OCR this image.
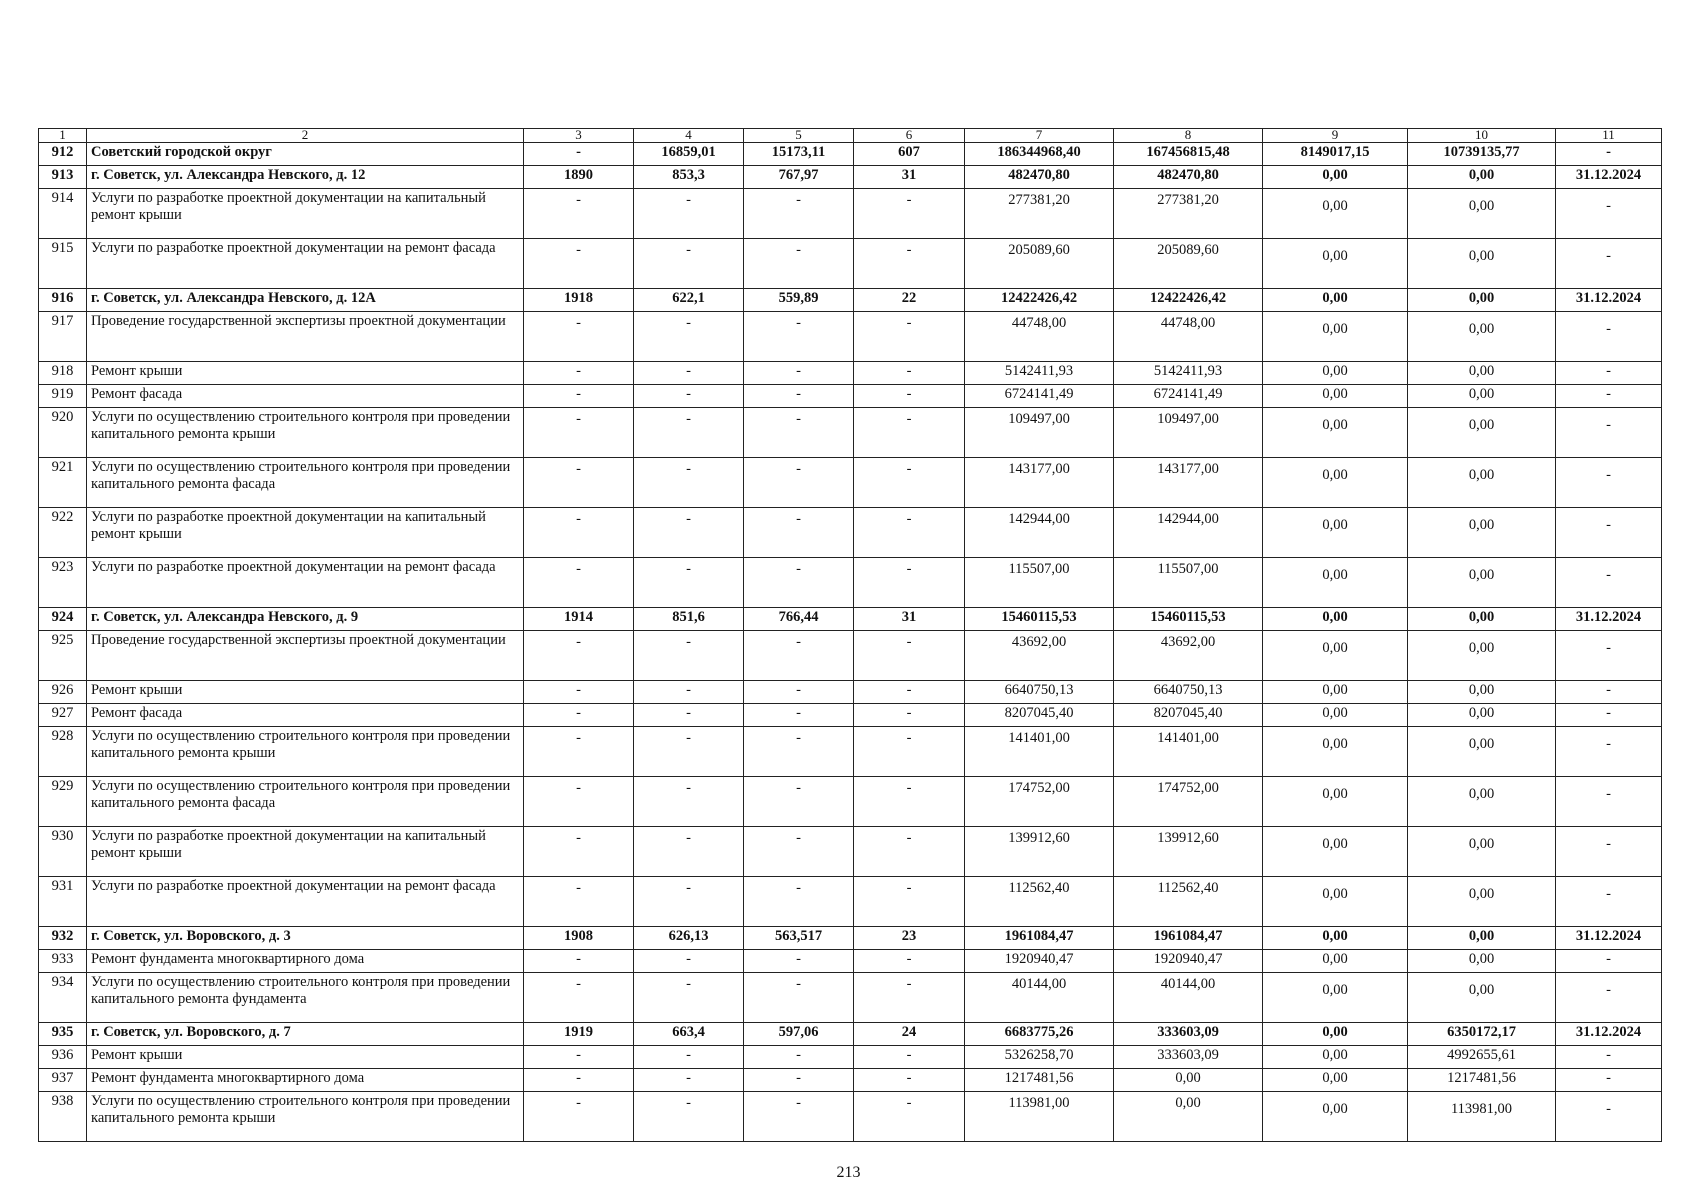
1	2	3	4	5	6	7	8	9	10	11
912	Советский городской округ	-	16859,01	15173,11	607	186344968,40	167456815,48	8149017,15	10739135,77	-
913	г. Советск, ул. Александра Невского, д. 12	1890	853,3	767,97	31	482470,80	482470,80	0,00	0,00	31.12.2024
914	Услуги по разработке проектной документации на капитальный ремонт крыши	-	-	-	-	277381,20	277381,20	0,00	0,00	-
915	Услуги по разработке проектной документации на ремонт фасада	-	-	-	-	205089,60	205089,60	0,00	0,00	-
916	г. Советск, ул. Александра Невского, д. 12А	1918	622,1	559,89	22	12422426,42	12422426,42	0,00	0,00	31.12.2024
917	Проведение государственной экспертизы проектной документации	-	-	-	-	44748,00	44748,00	0,00	0,00	-
918	Ремонт крыши	-	-	-	-	5142411,93	5142411,93	0,00	0,00	-
919	Ремонт фасада	-	-	-	-	6724141,49	6724141,49	0,00	0,00	-
920	Услуги по осуществлению строительного контроля при проведении капитального ремонта крыши	-	-	-	-	109497,00	109497,00	0,00	0,00	-
921	Услуги по осуществлению строительного контроля при проведении капитального ремонта фасада	-	-	-	-	143177,00	143177,00	0,00	0,00	-
922	Услуги по разработке проектной документации на капитальный ремонт крыши	-	-	-	-	142944,00	142944,00	0,00	0,00	-
923	Услуги по разработке проектной документации на ремонт фасада	-	-	-	-	115507,00	115507,00	0,00	0,00	-
924	г. Советск, ул. Александра Невского, д. 9	1914	851,6	766,44	31	15460115,53	15460115,53	0,00	0,00	31.12.2024
925	Проведение государственной экспертизы проектной документации	-	-	-	-	43692,00	43692,00	0,00	0,00	-
926	Ремонт крыши	-	-	-	-	6640750,13	6640750,13	0,00	0,00	-
927	Ремонт фасада	-	-	-	-	8207045,40	8207045,40	0,00	0,00	-
928	Услуги по осуществлению строительного контроля при проведении капитального ремонта крыши	-	-	-	-	141401,00	141401,00	0,00	0,00	-
929	Услуги по осуществлению строительного контроля при проведении капитального ремонта фасада	-	-	-	-	174752,00	174752,00	0,00	0,00	-
930	Услуги по разработке проектной документации на капитальный ремонт крыши	-	-	-	-	139912,60	139912,60	0,00	0,00	-
931	Услуги по разработке проектной документации на ремонт фасада	-	-	-	-	112562,40	112562,40	0,00	0,00	-
932	г. Советск, ул. Воровского, д. 3	1908	626,13	563,517	23	1961084,47	1961084,47	0,00	0,00	31.12.2024
933	Ремонт фундамента многоквартирного дома	-	-	-	-	1920940,47	1920940,47	0,00	0,00	-
934	Услуги по осуществлению строительного контроля при проведении капитального ремонта фундамента	-	-	-	-	40144,00	40144,00	0,00	0,00	-
935	г. Советск, ул. Воровского, д. 7	1919	663,4	597,06	24	6683775,26	333603,09	0,00	6350172,17	31.12.2024
936	Ремонт крыши	-	-	-	-	5326258,70	333603,09	0,00	4992655,61	-
937	Ремонт фундамента многоквартирного дома	-	-	-	-	1217481,56	0,00	0,00	1217481,56	-
938	Услуги по осуществлению строительного контроля при проведении капитального ремонта крыши	-	-	-	-	113981,00	0,00	0,00	113981,00	-
213
